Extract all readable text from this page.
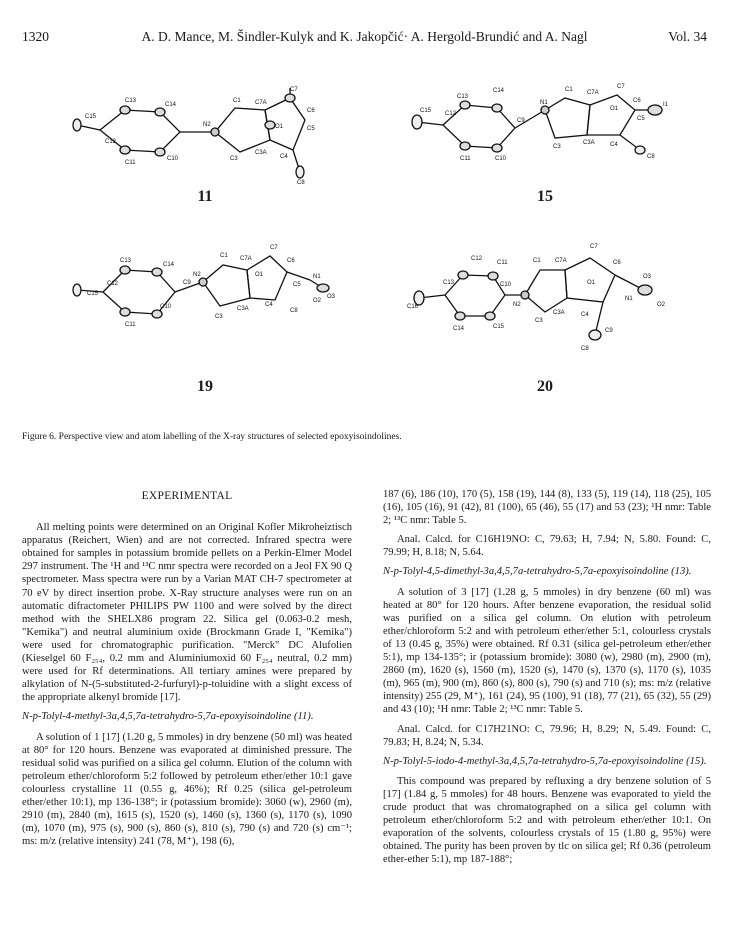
1320	A. D. Mance, M. Šindler-Kulyk and K. Jakopčić· A. Hergold-Brundić and A. Nagl	Vol. 34
C15
C12
C13
C14
C11
C10
N2
C1 C7A
C7
O1
C6
C5
C3
C3A
C4
C8
11
C15 C12
C13
C14
C11	C10
C9
N1
C1 C7A
C7
O1
C6
C5
I1
C3
C3A	C4
C8
15
C15
C12
C13
C14
C11
C10
C9
N2
C1 C7A
C7
O1
C6
C5
N1
O2
O3
C3
C3A
C4
C8
19
C16
C13
C12
C11
C10
C14	C15
N2
C1 C7A
C7
C6
O1
O3
N1
O2
C3
C3A	C4
C8
C9
20
Figure 6. Perspective view and atom labelling of the X-ray structures of selected epoxyisoindolines.
EXPERIMENTAL

All melting points were determined on an Original Kofler Mikroheiztisch apparatus (Reichert, Wien) and are not corrected. Infrared spectra were obtained for samples in potassium bromide pellets on a Perkin-Elmer Model 297 instrument. The ¹H and ¹³C nmr spectra were recorded on a Jeol FX 90 Q spectrometer. Mass spectra were run by a Varian MAT CH-7 spectrometer at 70 eV by direct insertion probe. X-Ray structure analyses were run on an automatic difractometer PHILIPS PW 1100 and were solved by the direct method with the SHELX86 program 22. Silica gel (0.063-0.2 mesh, "Kemika") and neutral aluminium oxide (Brockmann Grade I, "Kemika") were used for chromatographic purification. "Merck" DC Alufolien (Kieselgel 60 F₂₅₄, 0.2 mm and Aluminiumoxid 60 F₂₅₄ neutral, 0.2 mm) were used for Rf determinations. All tertiary amines were prepared by alkylation of N-(5-substituted-2-furfuryl)-p-toluidine with a slight excess of the appropriate alkenyl bromide [17].

N-p-Tolyl-4-methyl-3a,4,5,7a-tetrahydro-5,7a-epoxyisoindoline (11).

A solution of 1 [17] (1.20 g, 5 mmoles) in dry benzene (50 ml) was heated at 80° for 120 hours. Benzene was evaporated at diminished pressure. The residual solid was purified on a silica gel column. Elution of the column with petroleum ether/chloroform 5:2 followed by petroleum ether/ether 10:1 gave colourless crystalline 11 (0.55 g, 46%); Rf 0.25 (silica gel-petroleum ether/ether 10:1), mp 136-138°; ir (potassium bromide): 3060 (w), 2960 (m), 2910 (m), 2840 (m), 1615 (s), 1520 (s), 1460 (s), 1360 (s), 1170 (s), 1090 (m), 1070 (m), 975 (s), 900 (s), 860 (s), 810 (s), 790 (s) and 720 (s) cm⁻¹; ms: m/z (relative intensity) 241 (78, M⁺), 198 (6),

187 (6), 186 (10), 170 (5), 158 (19), 144 (8), 133 (5), 119 (14), 118 (25), 105 (16), 105 (16), 91 (42), 81 (100), 65 (46), 55 (17) and 53 (23); ¹H nmr: Table 2; ¹³C nmr: Table 5.

Anal. Calcd. for C16H19NO: C, 79.63; H, 7.94; N, 5.80. Found: C, 79.99; H, 8.18; N, 5.64.

N-p-Tolyl-4,5-dimethyl-3a,4,5,7a-tetrahydro-5,7a-epoxyisoindoline (13).

A solution of 3 [17] (1.28 g, 5 mmoles) in dry benzene (60 ml) was heated at 80° for 120 hours. After benzene evaporation, the residual solid was purified on a silica gel column. On elution with petroleum ether/chloroform 5:2 and with petroleum ether/ether 5:1, colourless crystals of 13 (0.45 g, 35%) were obtained. Rf 0.31 (silica gel-petroleum ether/ether 5:1), mp 134-135°; ir (potassium bromide): 3080 (w), 2980 (m), 2900 (m), 2860 (m), 1620 (s), 1560 (m), 1520 (s), 1470 (s), 1370 (s), 1170 (s), 1035 (m), 965 (m), 900 (m), 860 (s), 800 (s), 790 (s) and 710 (s); ms: m/z (relative intensity) 255 (29, M⁺), 161 (24), 95 (100), 91 (18), 77 (21), 65 (32), 55 (29) and 43 (10); ¹H nmr: Table 2; ¹³C nmr: Table 5.

Anal. Calcd. for C17H21NO: C, 79.96; H, 8.29; N, 5.49. Found: C, 79.83; H, 8.24; N, 5.34.

N-p-Tolyl-5-iodo-4-methyl-3a,4,5,7a-tetrahydro-5,7a-epoxyisoindoline (15).

This compound was prepared by refluxing a dry benzene solution of 5 [17] (1.84 g, 5 mmoles) for 48 hours. Benzene was evaporated to yield the crude product that was chromatographed on a silica gel column with petroleum ether/chloroform 5:2 and with petroleum ether/ether 10:1. On evaporation of the solvents, colourless crystals of 15 (1.80 g, 95%) were obtained. The purity has been proven by tlc on silica gel; Rf 0.36 (petroleum ether-ether 5:1), mp 187-188°;
